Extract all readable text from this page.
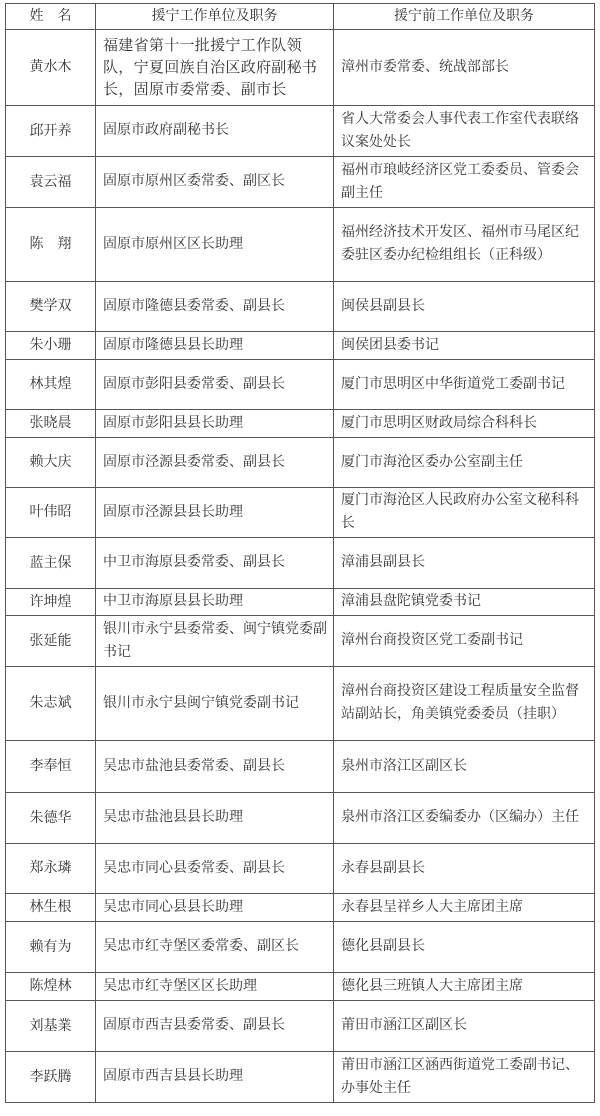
姓　名	援宁工作单位及职务	援宁前工作单位及职务
黄水木	福建省第十一批援宁工作队领队，宁夏回族自治区政府副秘书长，固原市委常委、副市长	漳州市委常委、统战部部长
邱开养	固原市政府副秘书长	省人大常委会人事代表工作室代表联络议案处处长
袁云福	固原市原州区委常委、副区长	福州市琅岐经济区党工委委员、管委会副主任
陈　翔	固原市原州区区长助理	福州经济技术开发区、福州市马尾区纪委驻区委办纪检组组长（正科级）
樊学双	固原市隆德县委常委、副县长	闽侯县副县长
朱小珊	固原市隆德县县长助理	闽侯团县委书记
林其煌	固原市彭阳县委常委、副县长	厦门市思明区中华街道党工委副书记
张晓晨	固原市彭阳县县长助理	厦门市思明区财政局综合科科长
赖大庆	固原市泾源县委常委、副县长	厦门市海沧区委办公室副主任
叶伟昭	固原市泾源县县长助理	厦门市海沧区人民政府办公室文秘科科长
蓝主保	中卫市海原县委常委、副县长	漳浦县副县长
许坤煌	中卫市海原县县长助理	漳浦县盘陀镇党委书记
张延能	银川市永宁县委常委、闽宁镇党委副书记	漳州台商投资区党工委副书记
朱志斌	银川市永宁县闽宁镇党委副书记	漳州台商投资区建设工程质量安全监督站副站长，角美镇党委委员（挂职）
李奉恒	吴忠市盐池县委常委、副县长	泉州市洛江区副区长
朱德华	吴忠市盐池县县长助理	泉州市洛江区委编委办（区编办）主任
郑永璘	吴忠市同心县委常委、副县长	永春县副县长
林生根	吴忠市同心县县长助理	永春县呈祥乡人大主席团主席
赖有为	吴忠市红寺堡区委常委、副区长	德化县副县长
陈煌林	吴忠市红寺堡区区长助理	德化县三班镇人大主席团主席
刘基業	固原市西吉县委常委、副县长	莆田市涵江区副区长
李跃腾	固原市西吉县县长助理	莆田市涵江区涵西街道党工委副书记、办事处主任
